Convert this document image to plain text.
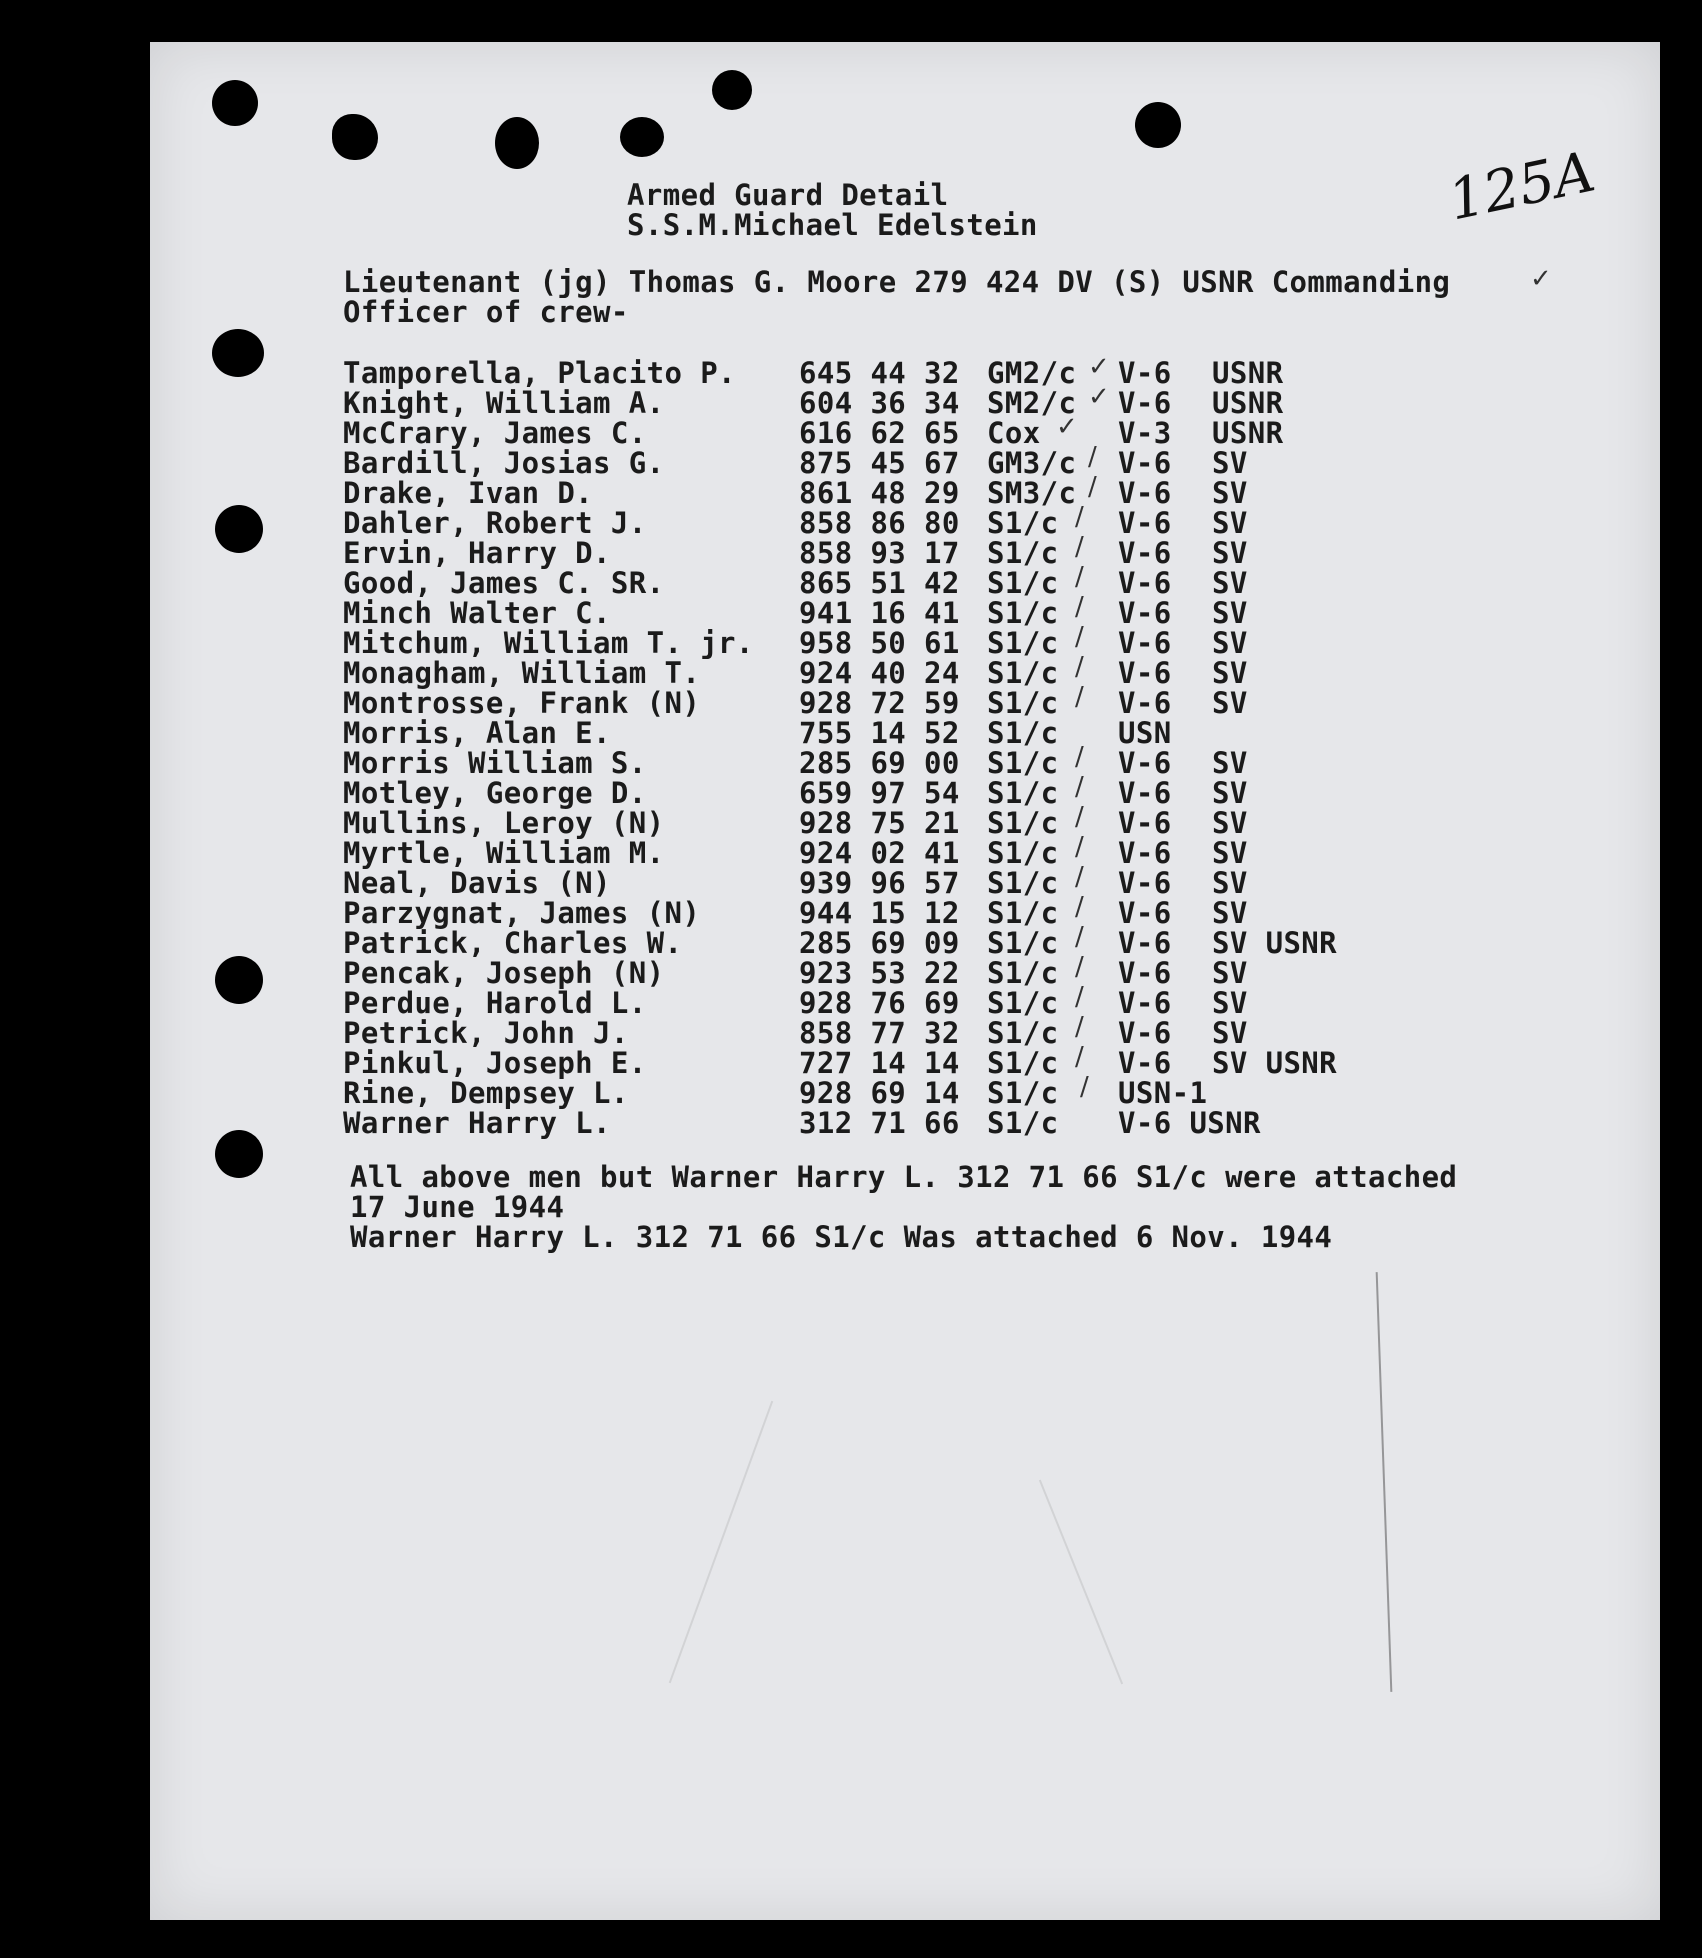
125A
Armed Guard Detail
S.S.M.Michael Edelstein
Lieutenant (jg) Thomas G. Moore 279 424 DV (S) USNR Commanding
Officer of crew-
✓
Tamporella, Placito P. 645 44 32 GM2/c V-6 USNR
Knight, William A.	604 36 34 SM2/c V-6 USNR
McCrary, James C.	616 62 65 Cox	V-3 USNR
Bardill, Josias G.	875 45 67 GM3/c V-6 SV
Drake, Ivan D.	861 48 29 SM3/c V-6 SV
Dahler, Robert J.	858 86 80 S1/c V-6 SV
Ervin, Harry D.	858 93 17 S1/c V-6 SV
Good, James C. SR.	865 51 42 S1/c V-6 SV
Minch Walter C.	941 16 41 S1/c V-6 SV
Mitchum, William T. jr. 958 50 61 S1/c V-6 SV
Monagham, William T.	924 40 24 S1/c V-6 SV
Montrosse, Frank (N)	928 72 59 S1/c V-6 SV
Morris, Alan E.	755 14 52 S1/c USN
Morris William S.	285 69 00 S1/c V-6 SV
Motley, George D.	659 97 54 S1/c V-6 SV
Mullins, Leroy (N)	928 75 21 S1/c V-6 SV
Myrtle, William M.	924 02 41 S1/c V-6 SV
Neal, Davis (N)	939 96 57 S1/c V-6 SV
Parzygnat, James (N)	944 15 12 S1/c V-6 SV
Patrick, Charles W.	285 69 09 S1/c V-6 SV USNR
Pencak, Joseph (N)	923 53 22 S1/c V-6 SV
Perdue, Harold L.	928 76 69 S1/c V-6 SV
Petrick, John J.	858 77 32 S1/c V-6 SV
Pinkul, Joseph E.	727 14 14 S1/c V-6 SV USNR
Rine, Dempsey L.	928 69 14 S1/c USN-1
Warner Harry L.	312 71 66 S1/c V-6 USNR
✓
✓
✓
/
/
/
/
/
/
/
/
/
/
/
/
/
/
/
/
/
/
/
/
/
All above men but Warner Harry L. 312 71 66 S1/c were attached
17 June 1944
Warner Harry L. 312 71 66 S1/c Was attached 6 Nov. 1944
